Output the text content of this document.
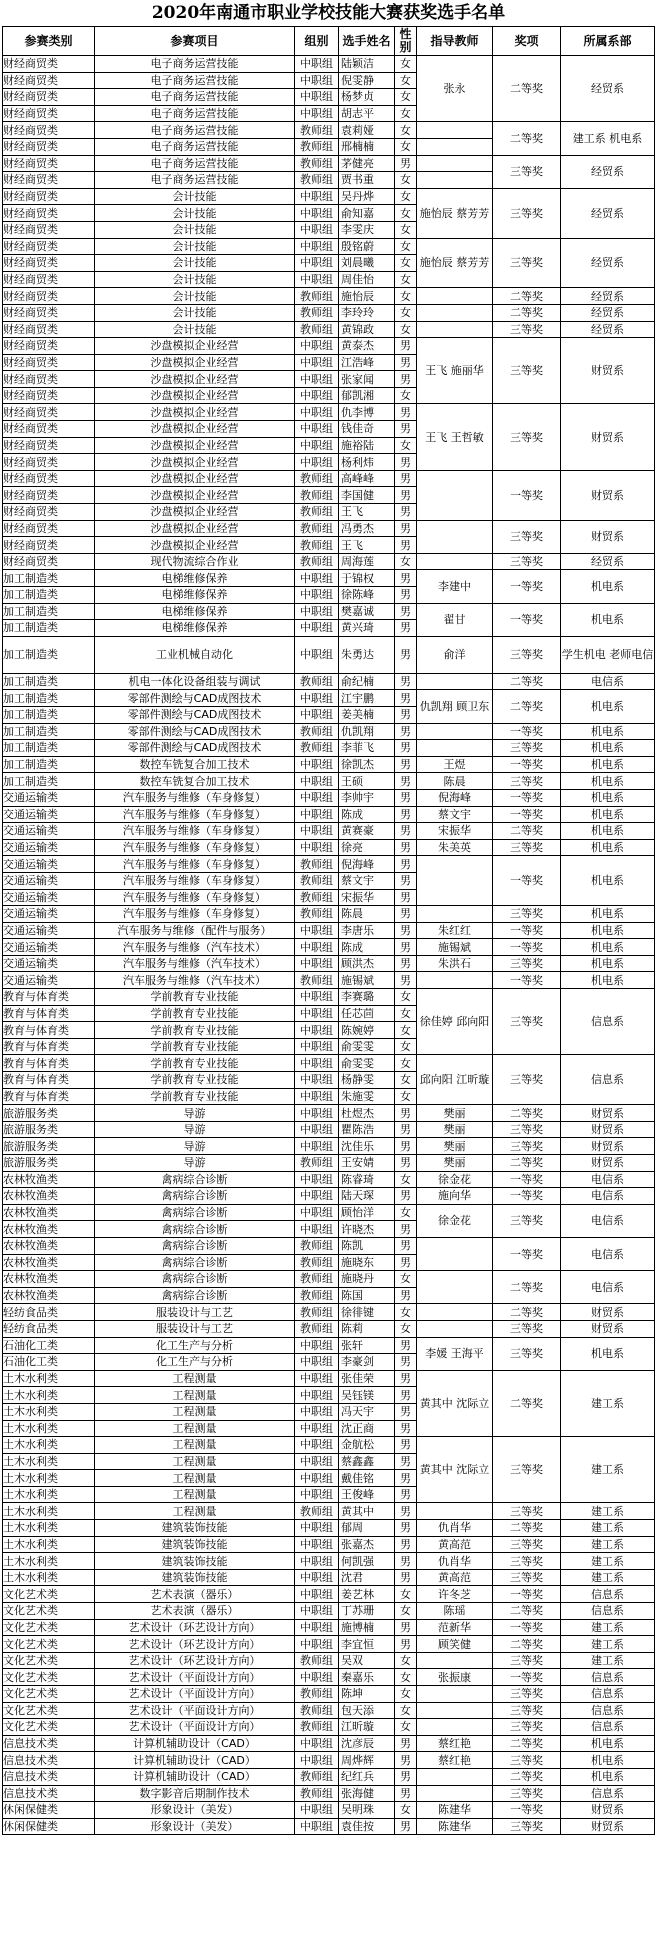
2020年南通市职业学校技能大赛获奖选手名单
参赛类别	参赛项目	组别	选手姓名	性别	指导教师	奖项	所属系部
财经商贸类	电子商务运营技能	中职组	陆颖洁	女	张永	二等奖	经贸系
财经商贸类	电子商务运营技能	中职组	倪雯静	女			
财经商贸类	电子商务运营技能	中职组	杨梦贞	女			
财经商贸类	电子商务运营技能	中职组	胡志平	女			
财经商贸类	电子商务运营技能	教师组	袁莉娅	女		二等奖	建工系 机电系
财经商贸类	电子商务运营技能	教师组	邢楠楠	女			
财经商贸类	电子商务运营技能	教师组	茅健亮	男		三等奖	经贸系
财经商贸类	电子商务运营技能	教师组	贾书重	女			
财经商贸类	会计技能	中职组	吴丹烨	女	施怡辰 蔡芳芳	三等奖	经贸系
财经商贸类	会计技能	中职组	俞知嘉	女			
财经商贸类	会计技能	中职组	李雯庆	女			
财经商贸类	会计技能	中职组	殷铭蔚	女	施怡辰 蔡芳芳	三等奖	经贸系
财经商贸类	会计技能	中职组	刘晨曦	女			
财经商贸类	会计技能	中职组	周佳怡	女			
财经商贸类	会计技能	教师组	施怡辰	女		二等奖	经贸系
财经商贸类	会计技能	教师组	李玲玲	女		二等奖	经贸系
财经商贸类	会计技能	教师组	黄锦政	女		三等奖	经贸系
财经商贸类	沙盘模拟企业经营	中职组	黄泰杰	男	王飞 施丽华	三等奖	财贸系
财经商贸类	沙盘模拟企业经营	中职组	江浩峰	男			
财经商贸类	沙盘模拟企业经营	中职组	张家闻	男			
财经商贸类	沙盘模拟企业经营	中职组	郁凯湘	女			
财经商贸类	沙盘模拟企业经营	中职组	仇李博	男	王飞 王哲敏	三等奖	财贸系
财经商贸类	沙盘模拟企业经营	中职组	钱佳奇	男			
财经商贸类	沙盘模拟企业经营	中职组	施裕陆	女			
财经商贸类	沙盘模拟企业经营	中职组	杨利炜	男			
财经商贸类	沙盘模拟企业经营	教师组	高峰峰	男		一等奖	财贸系
财经商贸类	沙盘模拟企业经营	教师组	李国健	男			
财经商贸类	沙盘模拟企业经营	教师组	王飞	男			
财经商贸类	沙盘模拟企业经营	教师组	冯勇杰	男		三等奖	财贸系
财经商贸类	沙盘模拟企业经营	教师组	王飞	男			
财经商贸类	现代物流综合作业	教师组	周海莲	女		三等奖	经贸系
加工制造类	电梯维修保养	中职组	于锦权	男	李建中	一等奖	机电系
加工制造类	电梯维修保养	中职组	徐陈峰	男			
加工制造类	电梯维修保养	中职组	樊嘉诚	男	翟甘	一等奖	机电系
加工制造类	电梯维修保养	中职组	黄兴琦	男			
加工制造类	工业机械自动化	中职组	朱勇达	男	俞洋	三等奖	学生机电 老师电信
加工制造类	机电一体化设备组装与调试	教师组	俞纪楠	男		二等奖	电信系
加工制造类	零部件测绘与CAD成图技术	中职组	江宇鹏	男	仇凯翔 顾卫东	二等奖	机电系
加工制造类	零部件测绘与CAD成图技术	中职组	姜美楠	男			
加工制造类	零部件测绘与CAD成图技术	教师组	仇凯翔	男		一等奖	机电系
加工制造类	零部件测绘与CAD成图技术	教师组	李菲飞	男		三等奖	机电系
加工制造类	数控车铣复合加工技术	中职组	徐凯杰	男	王煜	一等奖	机电系
加工制造类	数控车铣复合加工技术	中职组	王硕	男	陈晨	三等奖	机电系
交通运输类	汽车服务与维修（车身修复）	中职组	李帅宇	男	倪海峰	一等奖	机电系
交通运输类	汽车服务与维修（车身修复）	中职组	陈成	男	蔡文宇	一等奖	机电系
交通运输类	汽车服务与维修（车身修复）	中职组	黄赛豪	男	宋振华	二等奖	机电系
交通运输类	汽车服务与维修（车身修复）	中职组	徐亮	男	朱美英	三等奖	机电系
交通运输类	汽车服务与维修（车身修复）	教师组	倪海峰	男		一等奖	机电系
交通运输类	汽车服务与维修（车身修复）	教师组	蔡文宇	男			
交通运输类	汽车服务与维修（车身修复）	教师组	宋振华	男			
交通运输类	汽车服务与维修（车身修复）	教师组	陈晨	男		三等奖	机电系
交通运输类	汽车服务与维修（配件与服务）	中职组	李唐乐	男	朱红红	一等奖	机电系
交通运输类	汽车服务与维修（汽车技术）	中职组	陈成	男	施锡斌	一等奖	机电系
交通运输类	汽车服务与维修（汽车技术）	中职组	顾洪杰	男	朱洪石	三等奖	机电系
交通运输类	汽车服务与维修（汽车技术）	教师组	施锡斌	男		一等奖	机电系
教育与体育类	学前教育专业技能	中职组	李赛璐	女	徐佳婷 邱向阳	三等奖	信息系
教育与体育类	学前教育专业技能	中职组	任芯茴	女			
教育与体育类	学前教育专业技能	中职组	陈婉婷	女			
教育与体育类	学前教育专业技能	中职组	俞雯雯	女			
教育与体育类	学前教育专业技能	中职组	俞雯雯	女	邱向阳 江昕璇	三等奖	信息系
教育与体育类	学前教育专业技能	中职组	杨静雯	女			
教育与体育类	学前教育专业技能	中职组	朱施雯	女			
旅游服务类	导游	中职组	杜煜杰	男	樊丽	二等奖	财贸系
旅游服务类	导游	中职组	瞿陈浩	男	樊丽	三等奖	财贸系
旅游服务类	导游	中职组	沈佳乐	男	樊丽	三等奖	财贸系
旅游服务类	导游	教师组	王安婧	男	樊丽	二等奖	财贸系
农林牧渔类	禽病综合诊断	中职组	陈睿琦	女	徐金花	一等奖	电信系
农林牧渔类	禽病综合诊断	中职组	陆天琛	男	施向华	一等奖	电信系
农林牧渔类	禽病综合诊断	中职组	顾怡洋	女	徐金花	三等奖	电信系
农林牧渔类	禽病综合诊断	中职组	许晓杰	男			
农林牧渔类	禽病综合诊断	教师组	陈凯	男		一等奖	电信系
农林牧渔类	禽病综合诊断	教师组	施晓东	男			
农林牧渔类	禽病综合诊断	教师组	施晓丹	女		二等奖	电信系
农林牧渔类	禽病综合诊断	教师组	陈国	男			
轻纺食品类	服装设计与工艺	教师组	徐徘键	女		二等奖	财贸系
轻纺食品类	服装设计与工艺	教师组	陈莉	女		三等奖	财贸系
石油化工类	化工生产与分析	中职组	张轩	男	李媛 王海平	三等奖	机电系
石油化工类	化工生产与分析	中职组	李豪剑	男			
土木水利类	工程测量	中职组	张佳荣	男	黄其中 沈际立	二等奖	建工系
土木水利类	工程测量	中职组	吴钰镁	男			
土木水利类	工程测量	中职组	冯天宇	男			
土木水利类	工程测量	中职组	沈正商	男			
土木水利类	工程测量	中职组	金航松	男	黄其中 沈际立	三等奖	建工系
土木水利类	工程测量	中职组	蔡鑫鑫	男			
土木水利类	工程测量	中职组	戴佳铭	男			
土木水利类	工程测量	中职组	王俊峰	男			
土木水利类	工程测量	教师组	黄其中	男		三等奖	建工系
土木水利类	建筑装饰技能	中职组	郁周	男	仇肖华	二等奖	建工系
土木水利类	建筑装饰技能	中职组	张嘉杰	男	黄高范	三等奖	建工系
土木水利类	建筑装饰技能	中职组	何凯强	男	仇肖华	三等奖	建工系
土木水利类	建筑装饰技能	中职组	沈君	男	黄高范	三等奖	建工系
文化艺术类	艺术表演（器乐）	中职组	姜艺林	女	许冬芝	一等奖	信息系
文化艺术类	艺术表演（器乐）	中职组	丁苏珊	女	陈瑶	二等奖	信息系
文化艺术类	艺术设计（环艺设计方向）	中职组	施博楠	男	范新华	一等奖	建工系
文化艺术类	艺术设计（环艺设计方向）	中职组	李宜恒	男	顾笑健	二等奖	建工系
文化艺术类	艺术设计（环艺设计方向）	教师组	吴双	女		三等奖	建工系
文化艺术类	艺术设计（平面设计方向）	中职组	秦嘉乐	女	张振康	一等奖	信息系
文化艺术类	艺术设计（平面设计方向）	教师组	陈坤	女		三等奖	信息系
文化艺术类	艺术设计（平面设计方向）	教师组	包天添	女		三等奖	信息系
文化艺术类	艺术设计（平面设计方向）	教师组	江昕璇	女		三等奖	信息系
信息技术类	计算机辅助设计（CAD）	中职组	沈彦辰	男	蔡红艳	二等奖	机电系
信息技术类	计算机辅助设计（CAD）	中职组	周烨辉	男	蔡红艳	三等奖	机电系
信息技术类	计算机辅助设计（CAD）	教师组	纪红兵	男		二等奖	机电系
信息技术类	数字影音后期制作技术	教师组	张海健	男		三等奖	信息系
休闲保健类	形象设计（美发）	中职组	吴明珠	女	陈建华	一等奖	财贸系
休闲保健类	形象设计（美发）	中职组	袁佳按	男	陈建华	三等奖	财贸系
